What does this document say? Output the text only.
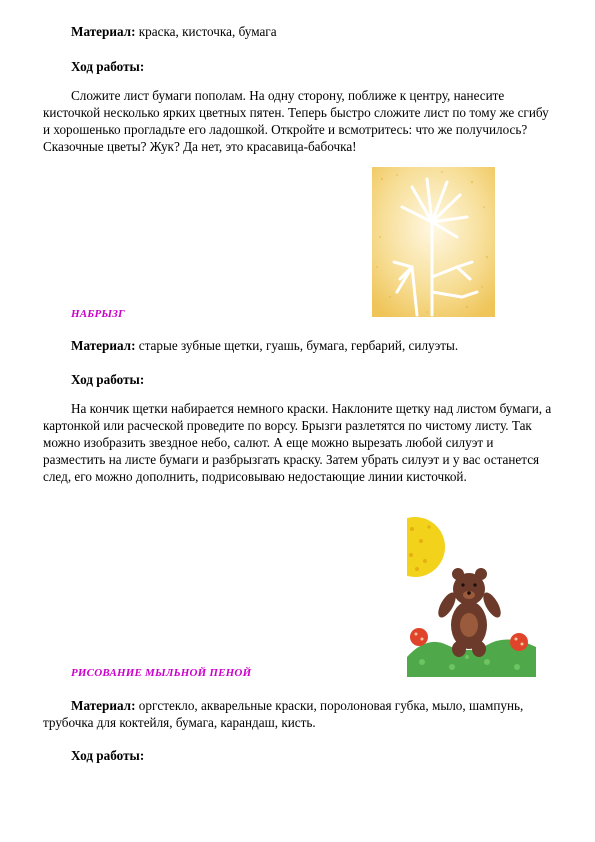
Материал: краска, кисточка, бумага
Ход работы:
Сложите лист бумаги пополам. На одну сторону, поближе к центру, нанесите кисточкой несколько ярких цветных пятен. Теперь быстро сложите лист по тому же сгибу и хорошенько прогладьте его ладошкой. Откройте и всмотритесь: что же получилось? Сказочные цветы? Жук? Да нет, это красавица-бабочка!
НАБРЫЗГ
Материал: старые зубные щетки, гуашь, бумага, гербарий, силуэты.
Ход работы:
На кончик щетки набирается немного краски. Наклоните щетку над листом бумаги, а картонкой или расческой проведите по ворсу. Брызги разлетятся по чистому листу. Так можно изобразить звездное небо, салют. А еще можно вырезать любой силуэт и разместить на листе бумаги и разбрызгать краску. Затем убрать силуэт и у вас останется след, его можно дополнить, подрисовываю недостающие линии кисточкой.
РИСОВАНИЕ МЫЛЬНОЙ ПЕНОЙ
Материал: оргстекло, акварельные краски, поролоновая губка, мыло, шампунь, трубочка для коктейля, бумага, карандаш, кисть.
Ход работы:
